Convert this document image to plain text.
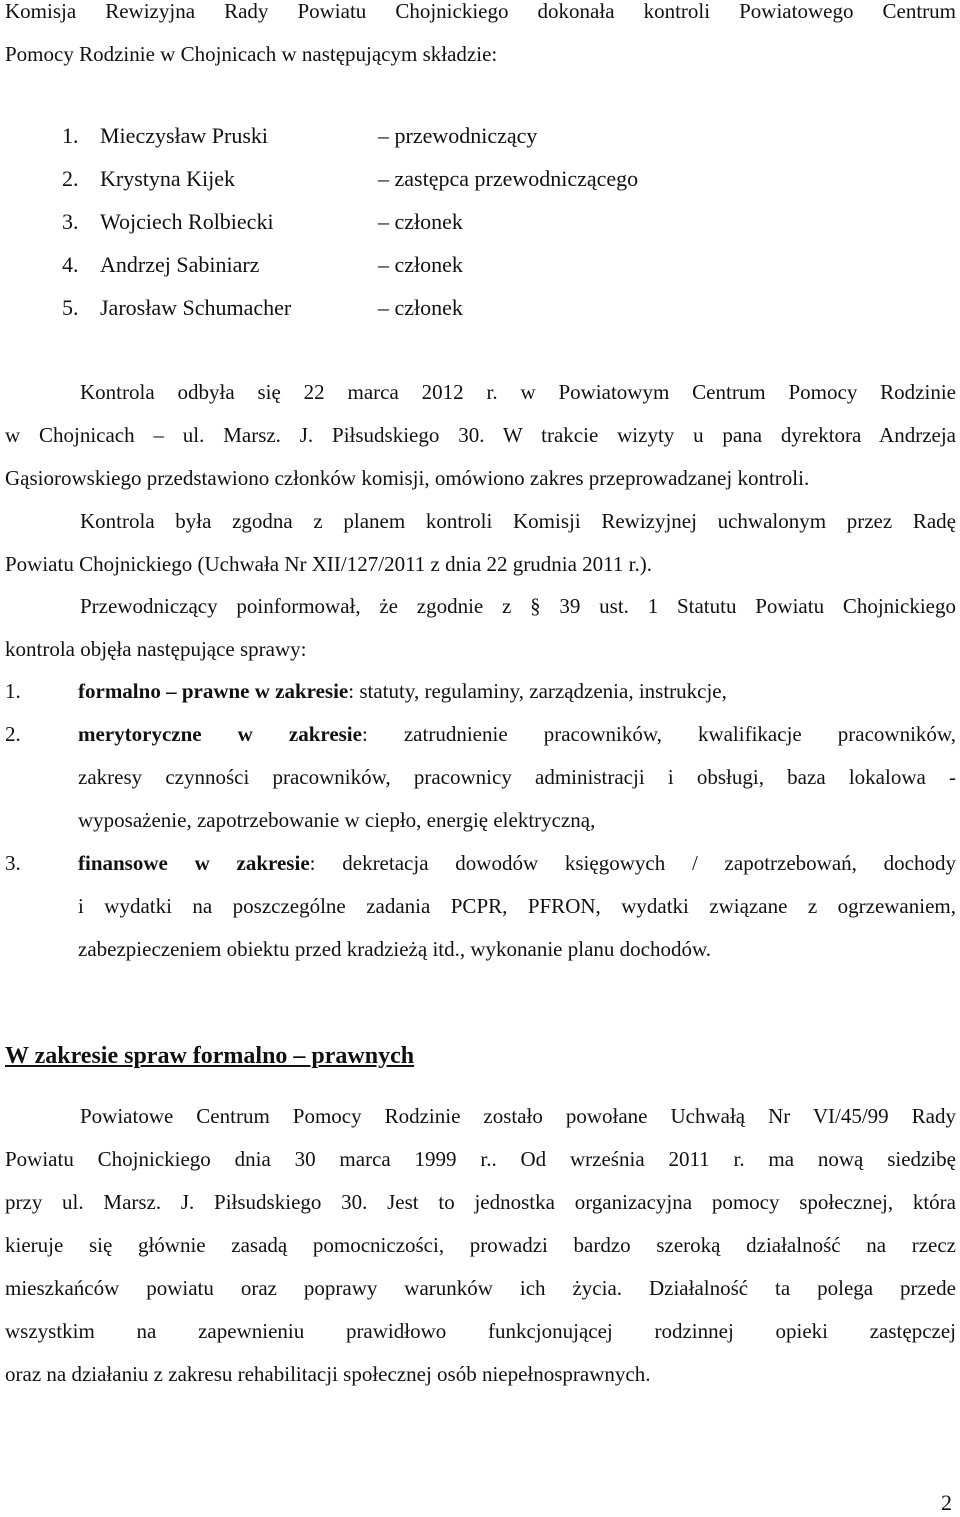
Komisja Rewizyjna Rady Powiatu Chojnickiego dokonała kontroli Powiatowego Centrum
Pomocy Rodzinie w Chojnicach w następującym składzie:
1. Mieczysław Pruski	– przewodniczący
2. Krystyna Kijek	– zastępca przewodniczącego
3. Wojciech Rolbiecki	– członek
4. Andrzej Sabiniarz	– członek
5. Jarosław Schumacher	– członek
Kontrola odbyła się 22 marca 2012 r. w Powiatowym Centrum Pomocy Rodzinie
w Chojnicach – ul. Marsz. J. Piłsudskiego 30. W trakcie wizyty u pana dyrektora Andrzeja
Gąsiorowskiego przedstawiono członków komisji, omówiono zakres przeprowadzanej kontroli.
Kontrola była zgodna z planem kontroli Komisji Rewizyjnej uchwalonym przez Radę
Powiatu Chojnickiego (Uchwała Nr XII/127/2011 z dnia 22 grudnia 2011 r.).
Przewodniczący poinformował, że zgodnie z § 39 ust. 1 Statutu Powiatu Chojnickiego
kontrola objęła następujące sprawy:
1.	formalno – prawne w zakresie: statuty, regulaminy, zarządzenia, instrukcje,
2.	merytoryczne w zakresie: zatrudnienie pracowników, kwalifikacje pracowników,
zakresy czynności pracowników, pracownicy administracji i obsługi, baza lokalowa -
wyposażenie, zapotrzebowanie w ciepło, energię elektryczną,
3.	finansowe w zakresie: dekretacja dowodów księgowych / zapotrzebowań, dochody
i wydatki na poszczególne zadania PCPR, PFRON, wydatki związane z ogrzewaniem,
zabezpieczeniem obiektu przed kradzieżą itd., wykonanie planu dochodów.
W zakresie spraw formalno – prawnych
Powiatowe Centrum Pomocy Rodzinie zostało powołane Uchwałą Nr VI/45/99 Rady
Powiatu Chojnickiego dnia 30 marca 1999 r.. Od września 2011 r. ma nową siedzibę
przy ul. Marsz. J. Piłsudskiego 30. Jest to jednostka organizacyjna pomocy społecznej, która
kieruje się głównie zasadą pomocniczości, prowadzi bardzo szeroką działalność na rzecz
mieszkańców powiatu oraz poprawy warunków ich życia. Działalność ta polega przede
wszystkim na zapewnieniu prawidłowo funkcjonującej rodzinnej opieki zastępczej
oraz na działaniu z zakresu rehabilitacji społecznej osób niepełnosprawnych.
2
